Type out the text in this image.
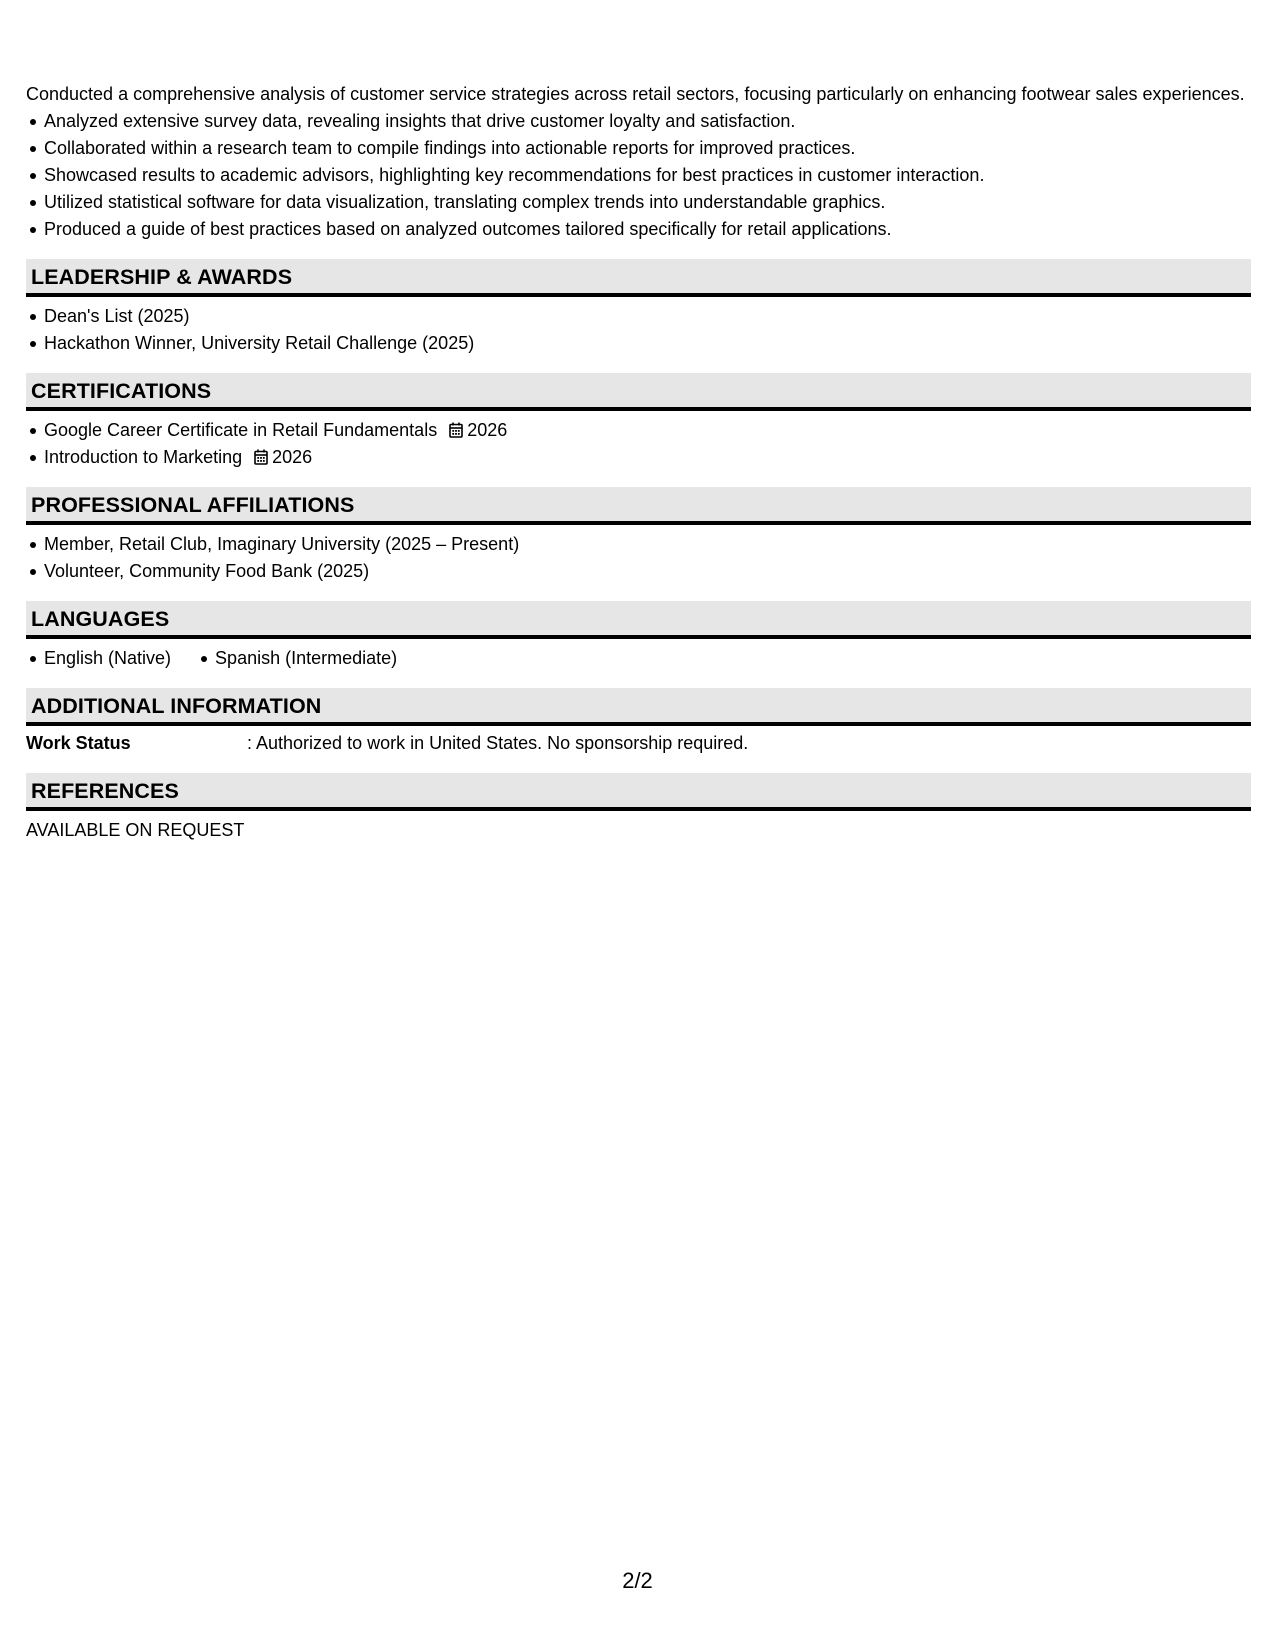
Conducted a comprehensive analysis of customer service strategies across retail sectors, focusing particularly on enhancing footwear sales experiences.

Analyzed extensive survey data, revealing insights that drive customer loyalty and satisfaction.
Collaborated within a research team to compile findings into actionable reports for improved practices.
Showcased results to academic advisors, highlighting key recommendations for best practices in customer interaction.
Utilized statistical software for data visualization, translating complex trends into understandable graphics.
Produced a guide of best practices based on analyzed outcomes tailored specifically for retail applications.
LEADERSHIP & AWARDS
Dean's List (2025)
Hackathon Winner, University Retail Challenge (2025)
CERTIFICATIONS
Google Career Certificate in Retail Fundamentals 2026
Introduction to Marketing 2026
PROFESSIONAL AFFILIATIONS
Member, Retail Club, Imaginary University (2025 – Present)
Volunteer, Community Food Bank (2025)
LANGUAGES
English (Native) Spanish (Intermediate)
ADDITIONAL INFORMATION
Work Status	: Authorized to work in United States. No sponsorship required.
REFERENCES
AVAILABLE ON REQUEST
2/2
